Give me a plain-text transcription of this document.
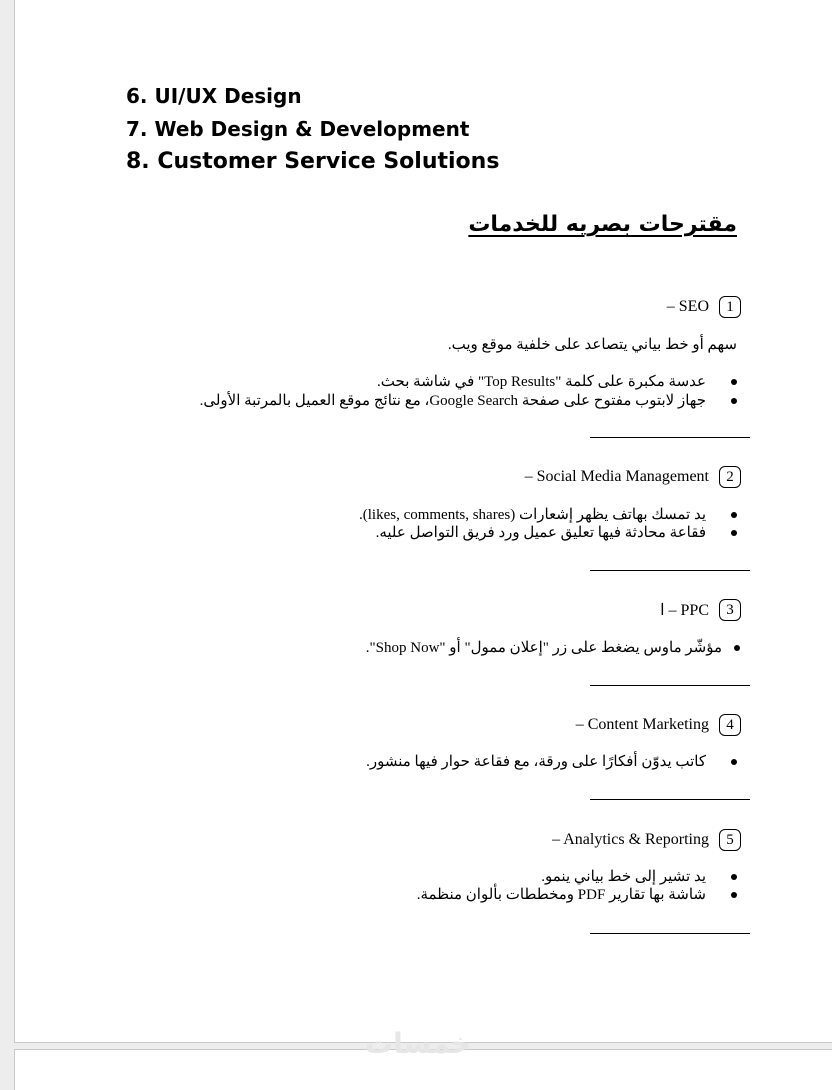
6. UI/UX Design
7. Web Design & Development
8. Customer Service Solutions
مقترحات بصريه للخدمات
– SEO	1
سهم أو خط بياني يتصاعد على خلفية موقع ويب.
عدسة مكبرة على كلمة "Top Results" في شاشة بحث.
جهاز لابتوب مفتوح على صفحة Google Search، مع نتائج موقع العميل بالمرتبة الأولى.
– Social Media Management	2
يد تمسك بهاتف يظهر إشعارات (likes, comments, shares).
فقاعة محادثة فيها تعليق عميل ورد فريق التواصل عليه.
ا – PPC	3
مؤشّر ماوس يضغط على زر "إعلان ممول" أو "Shop Now".
– Content Marketing	4
كاتب يدوّن أفكارًا على ورقة، مع فقاعة حوار فيها منشور.
– Analytics & Reporting	5
يد تشير إلى خط بياني ينمو.
شاشة بها تقارير PDF ومخططات بألوان منظمة.
خمسات
